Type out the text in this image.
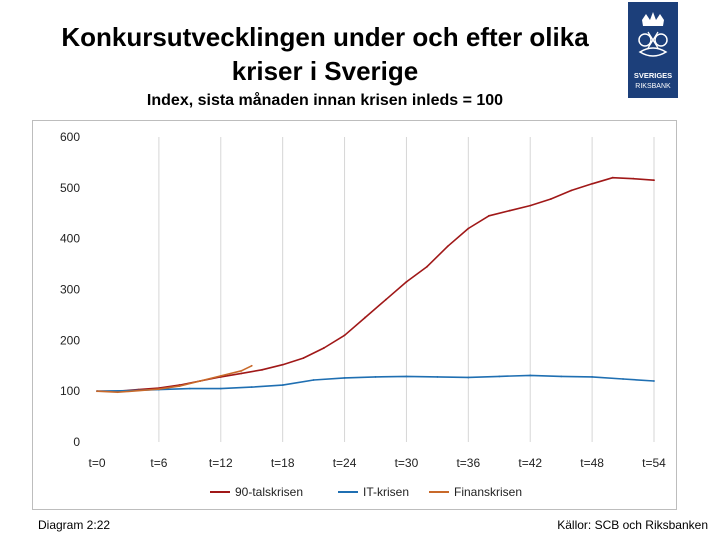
Konkursutvecklingen under och efter olika
kriser i Sverige
Index, sista månaden innan krisen inleds = 100
SVERIGES
RIKSBANK
0
100
200
300
400
500
600
t=0	t=6	t=12	t=18	t=24	t=30	t=36	t=42	t=48	t=54
90-talskrisen	IT-krisen	Finanskrisen
Diagram 2:22	Källor: SCB och Riksbanken
